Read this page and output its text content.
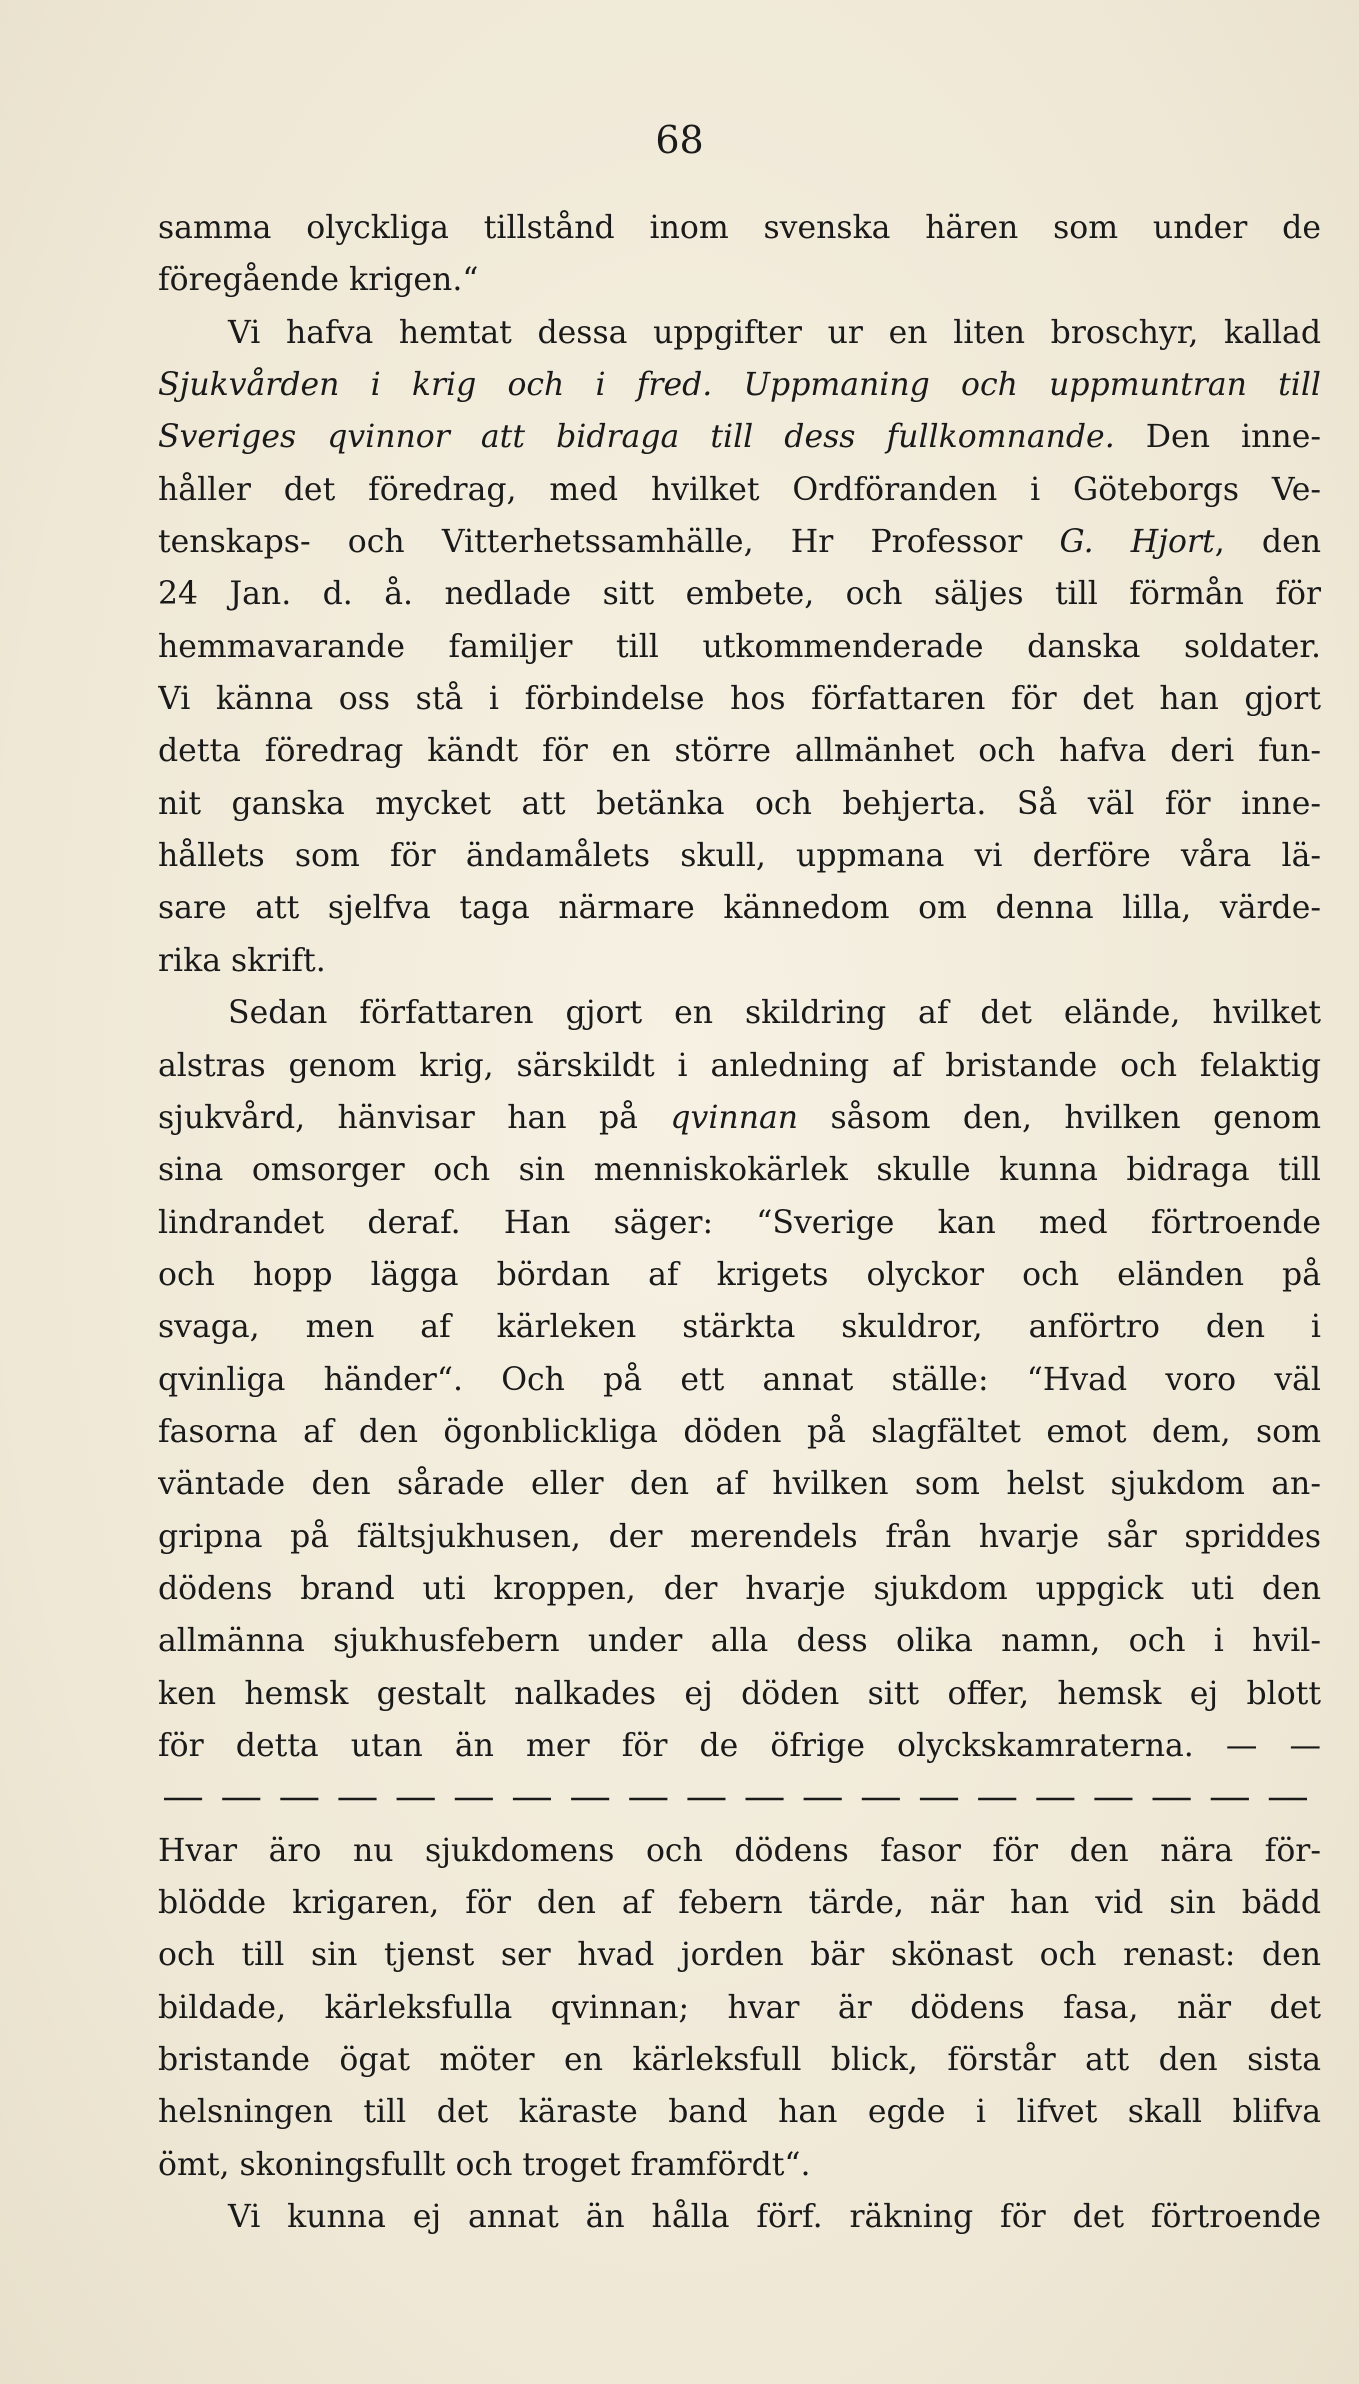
68
samma olyckliga tillstånd inom svenska hären som under de
föregående krigen.“
Vi hafva hemtat dessa uppgifter ur en liten broschyr, kallad
Sjukvården i krig och i fred. Uppmaning och uppmuntran till
Sveriges qvinnor att bidraga till dess fullkomnande. Den inne-
håller det föredrag, med hvilket Ordföranden i Göteborgs Ve-
tenskaps- och Vitterhetssamhälle, Hr Professor G. Hjort, den
24 Jan. d. å. nedlade sitt embete, och säljes till förmån för
hemmavarande familjer till utkommenderade danska soldater.
Vi känna oss stå i förbindelse hos författaren för det han gjort
detta föredrag kändt för en större allmänhet och hafva deri fun-
nit ganska mycket att betänka och behjerta. Så väl för inne-
hållets som för ändamålets skull, uppmana vi derföre våra lä-
sare att sjelfva taga närmare kännedom om denna lilla, värde-
rika skrift.
Sedan författaren gjort en skildring af det elände, hvilket
alstras genom krig, särskildt i anledning af bristande och felaktig
sjukvård, hänvisar han på qvinnan såsom den, hvilken genom
sina omsorger och sin menniskokärlek skulle kunna bidraga till
lindrandet deraf. Han säger: “Sverige kan med förtroende
och hopp lägga bördan af krigets olyckor och eländen på
svaga, men af kärleken stärkta skuldror, anförtro den i
qvinliga händer“. Och på ett annat ställe: “Hvad voro väl
fasorna af den ögonblickliga döden på slagfältet emot dem, som
väntade den sårade eller den af hvilken som helst sjukdom an-
gripna på fältsjukhusen, der merendels från hvarje sår spriddes
dödens brand uti kroppen, der hvarje sjukdom uppgick uti den
allmänna sjukhusfebern under alla dess olika namn, och i hvil-
ken hemsk gestalt nalkades ej döden sitt offer, hemsk ej blott
för detta utan än mer för de öfrige olyckskamraterna. — —
Hvar äro nu sjukdomens och dödens fasor för den nära för-
blödde krigaren, för den af febern tärde, när han vid sin bädd
och till sin tjenst ser hvad jorden bär skönast och renast: den
bildade, kärleksfulla qvinnan; hvar är dödens fasa, när det
bristande ögat möter en kärleksfull blick, förstår att den sista
helsningen till det käraste band han egde i lifvet skall blifva
ömt, skoningsfullt och troget framfördt“.
Vi kunna ej annat än hålla förf. räkning för det förtroende
